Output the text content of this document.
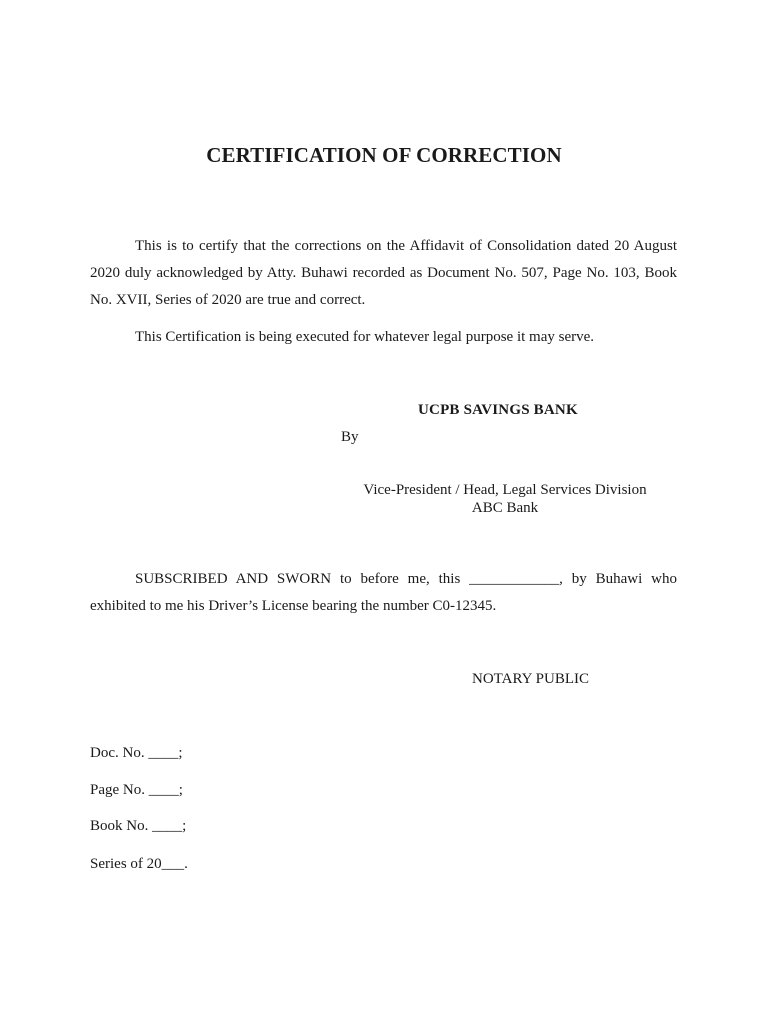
CERTIFICATION OF CORRECTION

This is to certify that the corrections on the Affidavit of Consolidation dated 20 August 2020 duly acknowledged by Atty. Buhawi recorded as Document No. 507, Page No. 103, Book No. XVII, Series of 2020 are true and correct.

This Certification is being executed for whatever legal purpose it may serve.

UCPB SAVINGS BANK
By
Vice-President / Head, Legal Services Division
ABC Bank

SUBSCRIBED AND SWORN to before me, this ____________, by Buhawi who exhibited to me his Driver’s License bearing the number C0-12345.

NOTARY PUBLIC
Doc. No. ____;
Page No. ____;
Book No. ____;
Series of 20___.
